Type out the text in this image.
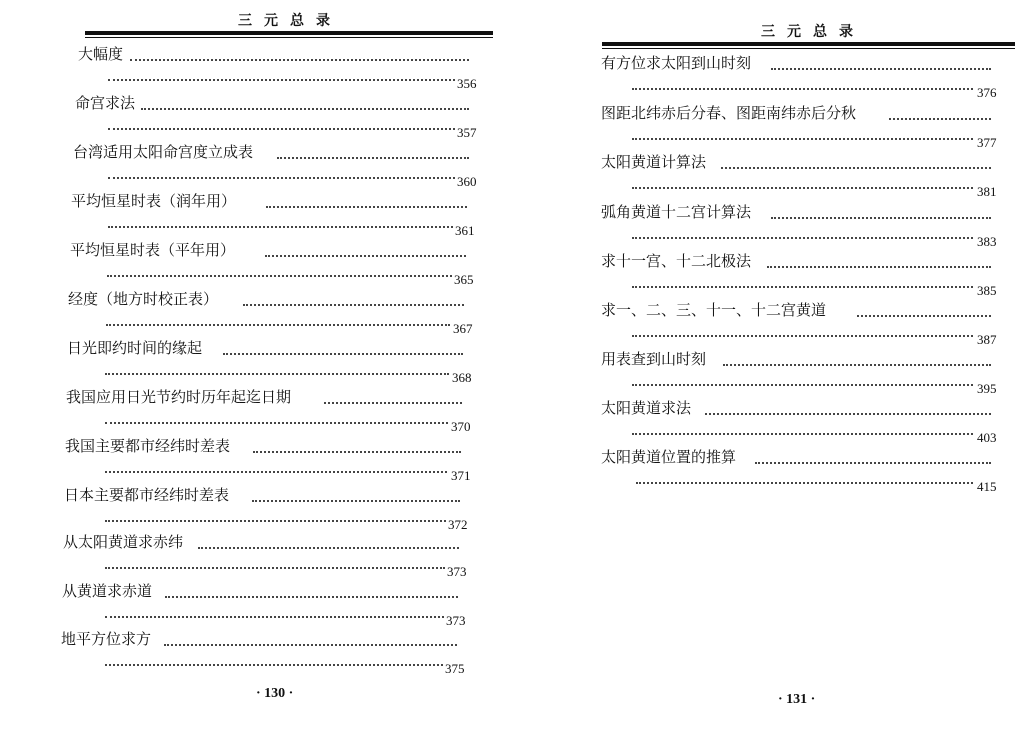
三元总录
大幅度
356
命宫求法
357
台湾适用太阳命宫度立成表
360
平均恒星时表（润年用）
361
平均恒星时表（平年用）
365
经度（地方时校正表）
367
日光即约时间的缘起
368
我国应用日光节约时历年起迄日期
370
我国主要都市经纬时差表
371
日本主要都市经纬时差表
372
从太阳黄道求赤纬
373
从黄道求赤道
373
地平方位求方
375
· 130 ·
三元总录
有方位求太阳到山时刻
376
图距北纬赤后分春、图距南纬赤后分秋
377
太阳黄道计算法
381
弧角黄道十二宫计算法
383
求十一宫、十二北极法
385
求一、二、三、十一、十二宫黄道
387
用表查到山时刻
395
太阳黄道求法
403
太阳黄道位置的推算
415
· 131 ·
